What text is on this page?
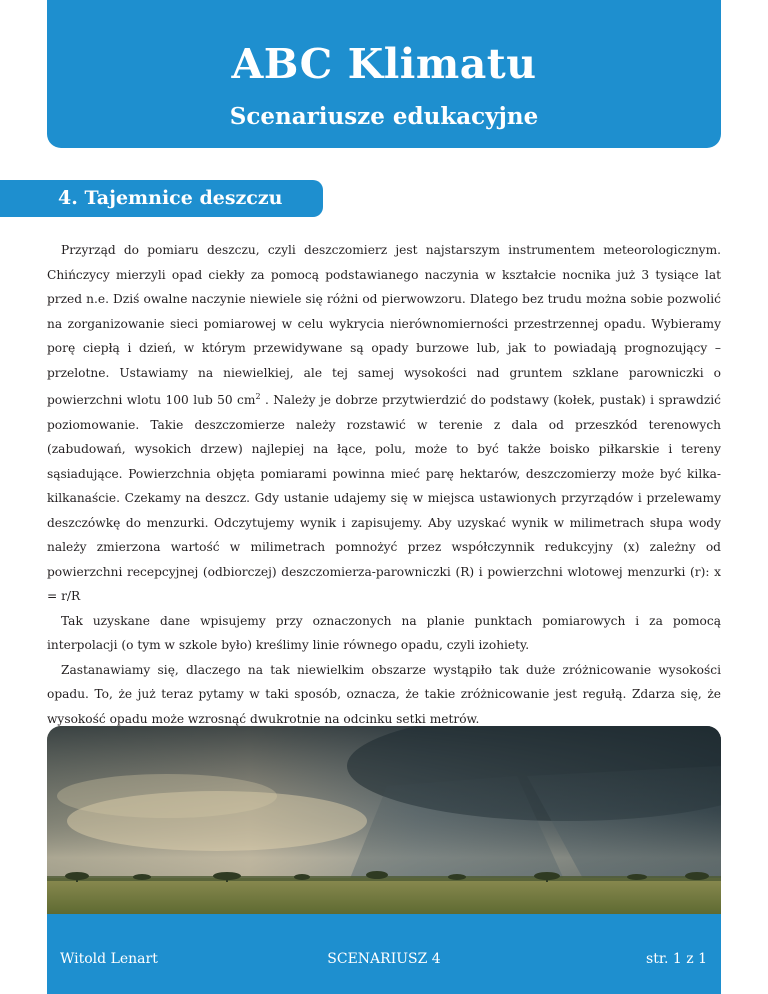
ABC Klimatu
Scenariusze edukacyjne
4. Tajemnice deszczu

Przyrząd do pomiaru deszczu, czyli deszczomierz jest najstarszym instrumentem meteorologicznym. Chińczycy mierzyli opad ciekły za pomocą podstawianego naczynia w kształcie nocnika już 3 tysiące lat przed n.e. Dziś owalne naczynie niewiele się różni od pierwowzoru. Dlatego bez trudu można sobie pozwolić na zorganizowanie sieci pomiarowej w celu wykrycia nierównomierności przestrzennej opadu. Wybieramy porę ciepłą i dzień, w którym przewidywane są opady burzowe lub, jak to powiadają prognozujący – przelotne. Ustawiamy na niewielkiej, ale tej samej wysokości nad gruntem szklane parowniczki o powierzchni wlotu 100 lub 50 $cm^2$ . Należy je dobrze przytwierdzić do podstawy (kołek, pustak) i sprawdzić poziomowanie. Takie deszczomierze należy rozstawić w terenie z dala od przeszkód terenowych (zabudowań, wysokich drzew) najlepiej na łące, polu, może to być także boisko piłkarskie i tereny sąsiadujące. Powierzchnia objęta pomiarami powinna mieć parę hektarów, deszczomierzy może być kilka-kilkanaście. Czekamy na deszcz. Gdy ustanie udajemy się w miejsca ustawionych przyrządów i przelewamy deszczówkę do menzurki. Odczytujemy wynik i zapisujemy. Aby uzyskać wynik w milimetrach słupa wody należy zmierzona wartość w milimetrach pomnożyć przez współczynnik redukcyjny (x) zależny od powierzchni recepcyjnej (odbiorczej) deszczomierza-parowniczki (R) i powierzchni wlotowej menzurki (r): x = r/R

Tak uzyskane dane wpisujemy przy oznaczonych na planie punktach pomiarowych i za pomocą interpolacji (o tym w szkole było) kreślimy linie równego opadu, czyli izohiety.

Zastanawiamy się, dlaczego na tak niewielkim obszarze wystąpiło tak duże zróżnicowanie wysokości opadu. To, że już teraz pytamy w taki sposób, oznacza, że takie zróżnicowanie jest regułą. Zdarza się, że wysokość opadu może wzrosnąć dwukrotnie na odcinku setki metrów.

Witold Lenart	SCENARIUSZ 4	str. 1 z 1
